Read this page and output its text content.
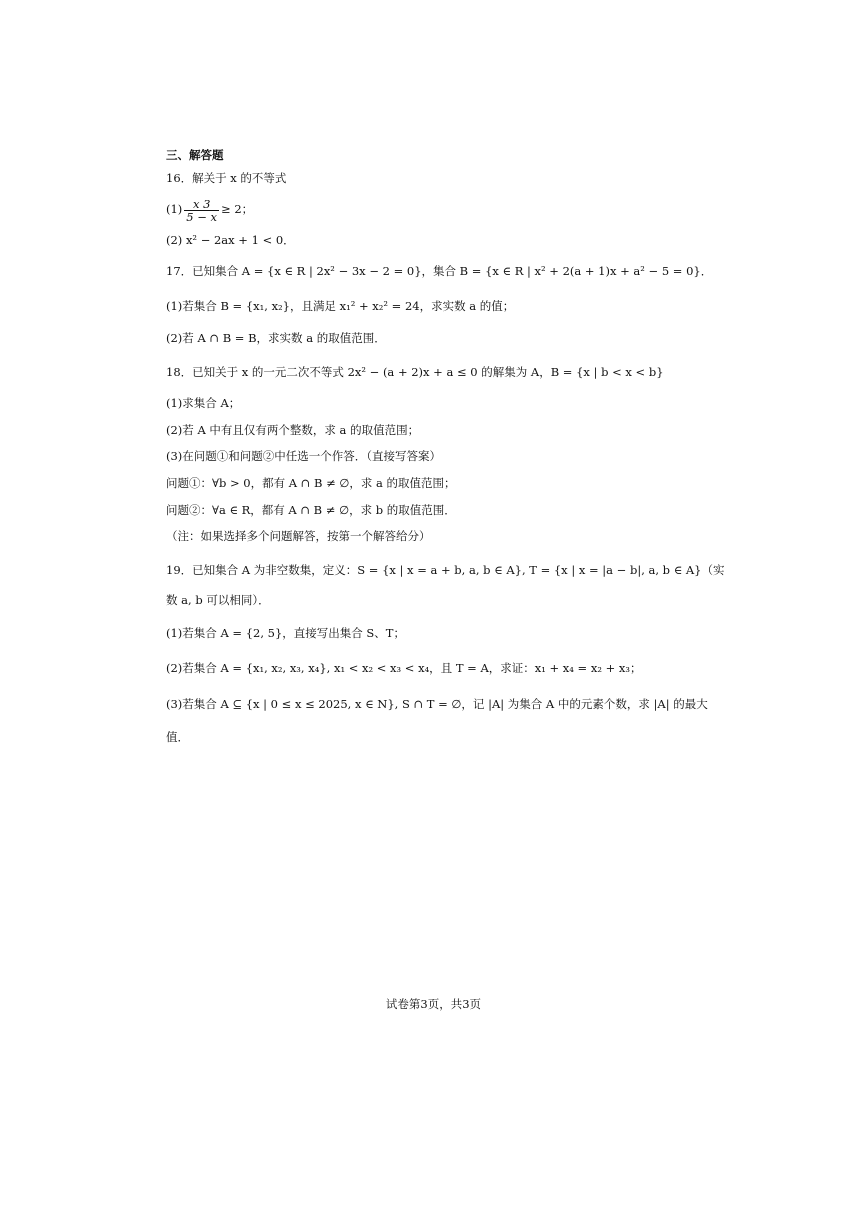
三、解答题
16．解关于 x 的不等式
$(1) \frac{x 3}{5 - x} \ge 2$；
(2) x² − 2ax + 1 < 0．
17．已知集合 A = {x ∈ R | 2x² − 3x − 2 = 0}，集合 B = {x ∈ R | x² + 2(a + 1)x + a² − 5 = 0}．
(1)若集合 B = {x₁, x₂}，且满足 x₁² + x₂² = 24，求实数 a 的值；
(2)若 A ∩ B = B，求实数 a 的取值范围．
18．已知关于 x 的一元二次不等式 2x² − (a + 2)x + a ≤ 0 的解集为 A，B = {x | b < x < b}
(1)求集合 A；
(2)若 A 中有且仅有两个整数，求 a 的取值范围；
(3)在问题①和问题②中任选一个作答．（直接写答案）
问题①：∀b > 0，都有 A ∩ B ≠ ∅，求 a 的取值范围；
问题②：∀a ∈ R，都有 A ∩ B ≠ ∅，求 b 的取值范围．
（注：如果选择多个问题解答，按第一个解答给分）
19．已知集合 A 为非空数集，定义：S = {x | x = a + b, a, b ∈ A}, T = {x | x = |a − b|, a, b ∈ A}（实
数 a, b 可以相同）．
(1)若集合 A = {2, 5}，直接写出集合 S、T；
(2)若集合 A = {x₁, x₂, x₃, x₄}, x₁ < x₂ < x₃ < x₄，且 T = A，求证：x₁ + x₄ = x₂ + x₃；
(3)若集合 A ⊆ {x | 0 ≤ x ≤ 2025, x ∈ N}, S ∩ T = ∅，记 |A| 为集合 A 中的元素个数，求 |A| 的最大
值．
试卷第3页，共3页
